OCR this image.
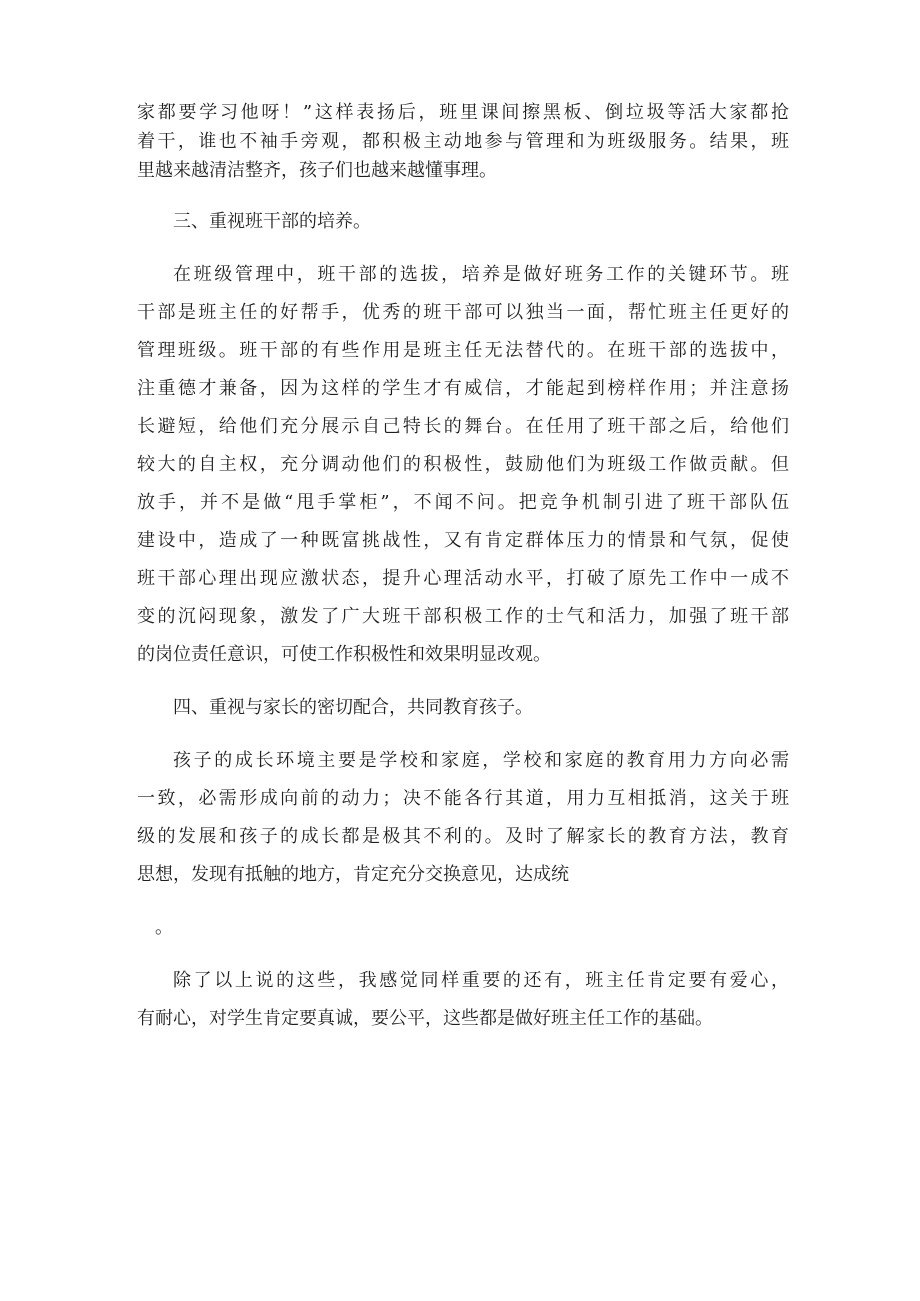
家都要学习他呀！”这样表扬后，班里课间擦黑板、倒垃圾等活大家都抢
着干，谁也不袖手旁观，都积极主动地参与管理和为班级服务。结果，班
里越来越清洁整齐，孩子们也越来越懂事理。

三、重视班干部的培养。

在班级管理中，班干部的选拔，培养是做好班务工作的关键环节。班
干部是班主任的好帮手，优秀的班干部可以独当一面，帮忙班主任更好的
管理班级。班干部的有些作用是班主任无法替代的。在班干部的选拔中，
注重德才兼备，因为这样的学生才有威信，才能起到榜样作用；并注意扬
长避短，给他们充分展示自己特长的舞台。在任用了班干部之后，给他们
较大的自主权，充分调动他们的积极性，鼓励他们为班级工作做贡献。但
放手，并不是做“甩手掌柜”，不闻不问。把竞争机制引进了班干部队伍
建设中，造成了一种既富挑战性，又有肯定群体压力的情景和气氛，促使
班干部心理出现应激状态，提升心理活动水平，打破了原先工作中一成不
变的沉闷现象，激发了广大班干部积极工作的士气和活力，加强了班干部
的岗位责任意识，可使工作积极性和效果明显改观。

四、重视与家长的密切配合，共同教育孩子。

孩子的成长环境主要是学校和家庭，学校和家庭的教育用力方向必需
一致，必需形成向前的动力；决不能各行其道，用力互相抵消，这关于班
级的发展和孩子的成长都是极其不利的。及时了解家长的教育方法，教育
思想，发现有抵触的地方，肯定充分交换意见，达成统

。

除了以上说的这些，我感觉同样重要的还有，班主任肯定要有爱心，
有耐心，对学生肯定要真诚，要公平，这些都是做好班主任工作的基础。
